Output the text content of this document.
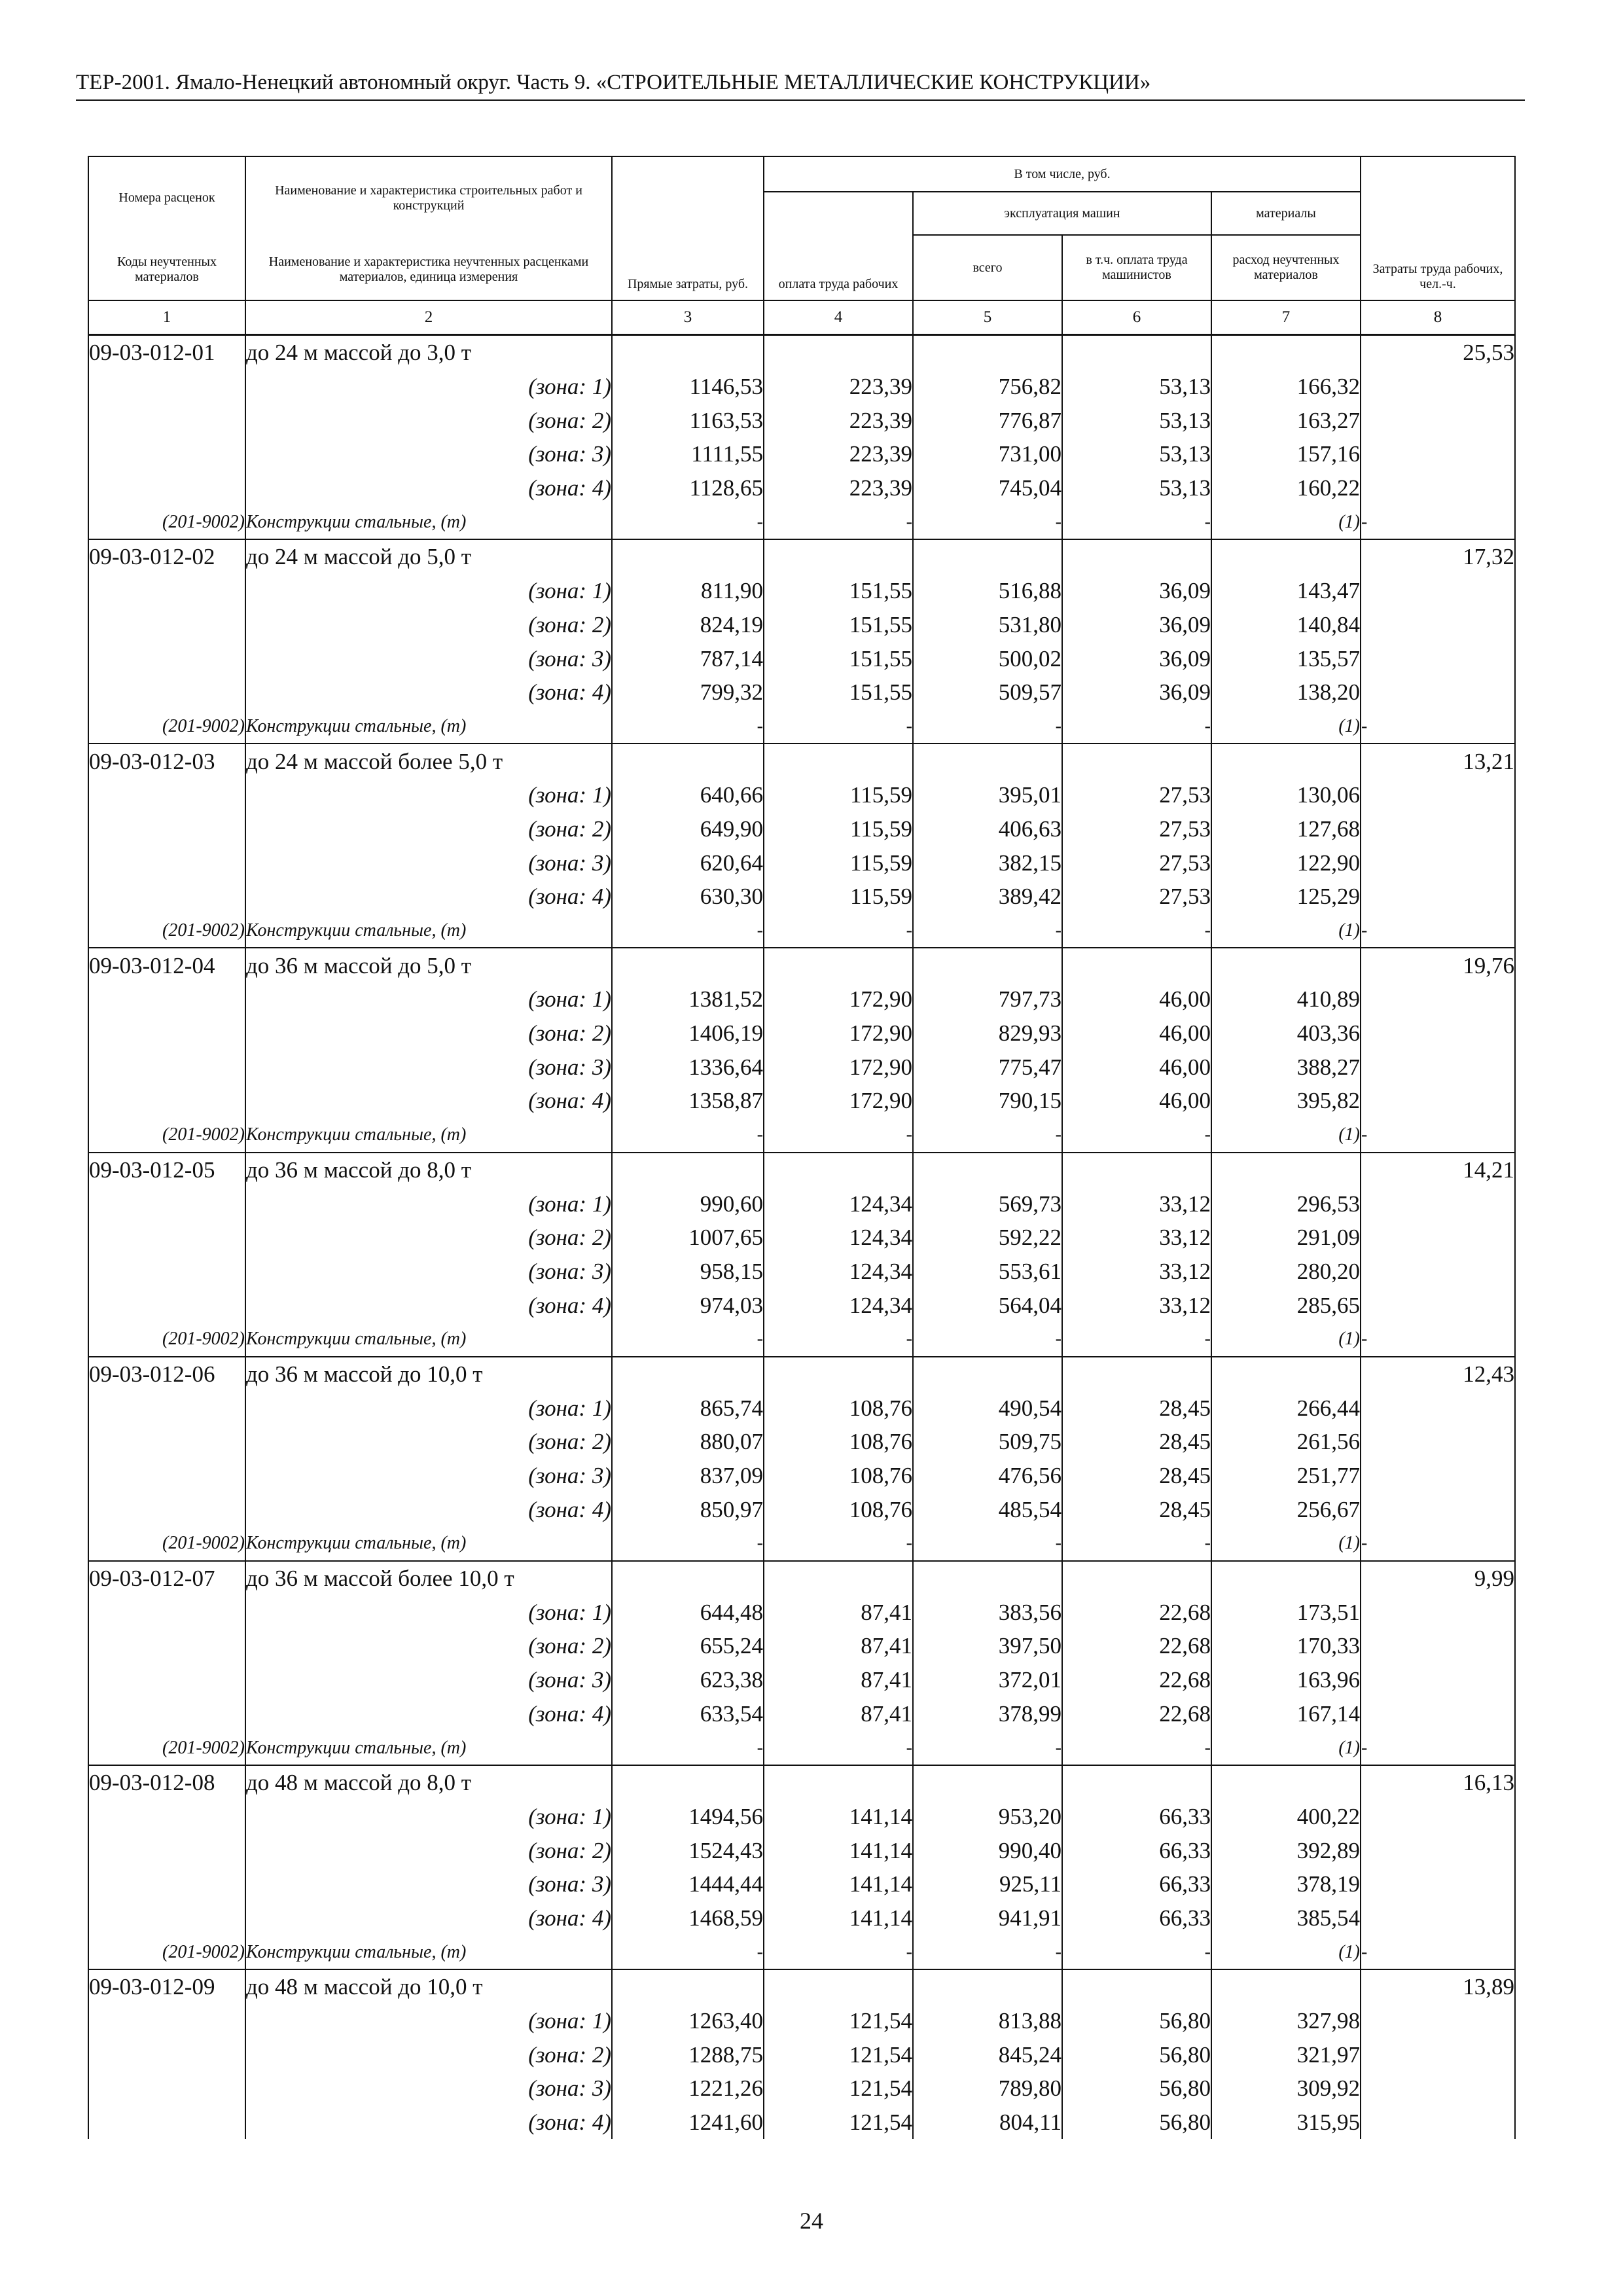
ТЕР-2001. Ямало-Ненецкий автономный округ. Часть 9. «СТРОИТЕЛЬНЫЕ МЕТАЛЛИЧЕСКИЕ КОНСТРУКЦИИ»
Номера расценок	Наименование и характеристика строительных работ и конструкций	Прямые затраты, руб.	В том числе, руб.				Затраты труда рабочих, чел.-ч.
			оплата труда рабочих	эксплуатация машин		материалы	
				всего	в т.ч. оплата труда машинистов	расход неучтенных материалов	
Коды неучтенных материалов	Наименование и характеристика неучтенных расценками материалов, единица измерения						
1	2	3	4	5	6	7	8
09-03-012-01	до 24 м массой до 3,0 т						25,53
	(зона: 1)	1146,53	223,39	756,82	53,13	166,32	
	(зона: 2)	1163,53	223,39	776,87	53,13	163,27	
	(зона: 3)	1111,55	223,39	731,00	53,13	157,16	
	(зона: 4)	1128,65	223,39	745,04	53,13	160,22	
(201-9002)	Конструкции стальные, (т)	-	-	-	-	(1)	-
09-03-012-02	до 24 м массой до 5,0 т						17,32
	(зона: 1)	811,90	151,55	516,88	36,09	143,47	
	(зона: 2)	824,19	151,55	531,80	36,09	140,84	
	(зона: 3)	787,14	151,55	500,02	36,09	135,57	
	(зона: 4)	799,32	151,55	509,57	36,09	138,20	
(201-9002)	Конструкции стальные, (т)	-	-	-	-	(1)	-
09-03-012-03	до 24 м массой более 5,0 т						13,21
	(зона: 1)	640,66	115,59	395,01	27,53	130,06	
	(зона: 2)	649,90	115,59	406,63	27,53	127,68	
	(зона: 3)	620,64	115,59	382,15	27,53	122,90	
	(зона: 4)	630,30	115,59	389,42	27,53	125,29	
(201-9002)	Конструкции стальные, (т)	-	-	-	-	(1)	-
09-03-012-04	до 36 м массой до 5,0 т						19,76
	(зона: 1)	1381,52	172,90	797,73	46,00	410,89	
	(зона: 2)	1406,19	172,90	829,93	46,00	403,36	
	(зона: 3)	1336,64	172,90	775,47	46,00	388,27	
	(зона: 4)	1358,87	172,90	790,15	46,00	395,82	
(201-9002)	Конструкции стальные, (т)	-	-	-	-	(1)	-
09-03-012-05	до 36 м массой до 8,0 т						14,21
	(зона: 1)	990,60	124,34	569,73	33,12	296,53	
	(зона: 2)	1007,65	124,34	592,22	33,12	291,09	
	(зона: 3)	958,15	124,34	553,61	33,12	280,20	
	(зона: 4)	974,03	124,34	564,04	33,12	285,65	
(201-9002)	Конструкции стальные, (т)	-	-	-	-	(1)	-
09-03-012-06	до 36 м массой до 10,0 т						12,43
	(зона: 1)	865,74	108,76	490,54	28,45	266,44	
	(зона: 2)	880,07	108,76	509,75	28,45	261,56	
	(зона: 3)	837,09	108,76	476,56	28,45	251,77	
	(зона: 4)	850,97	108,76	485,54	28,45	256,67	
(201-9002)	Конструкции стальные, (т)	-	-	-	-	(1)	-
09-03-012-07	до 36 м массой более 10,0 т						9,99
	(зона: 1)	644,48	87,41	383,56	22,68	173,51	
	(зона: 2)	655,24	87,41	397,50	22,68	170,33	
	(зона: 3)	623,38	87,41	372,01	22,68	163,96	
	(зона: 4)	633,54	87,41	378,99	22,68	167,14	
(201-9002)	Конструкции стальные, (т)	-	-	-	-	(1)	-
09-03-012-08	до 48 м массой до 8,0 т						16,13
	(зона: 1)	1494,56	141,14	953,20	66,33	400,22	
	(зона: 2)	1524,43	141,14	990,40	66,33	392,89	
	(зона: 3)	1444,44	141,14	925,11	66,33	378,19	
	(зона: 4)	1468,59	141,14	941,91	66,33	385,54	
(201-9002)	Конструкции стальные, (т)	-	-	-	-	(1)	-
09-03-012-09	до 48 м массой до 10,0 т						13,89
	(зона: 1)	1263,40	121,54	813,88	56,80	327,98	
	(зона: 2)	1288,75	121,54	845,24	56,80	321,97	
	(зона: 3)	1221,26	121,54	789,80	56,80	309,92	
	(зона: 4)	1241,60	121,54	804,11	56,80	315,95	
24
